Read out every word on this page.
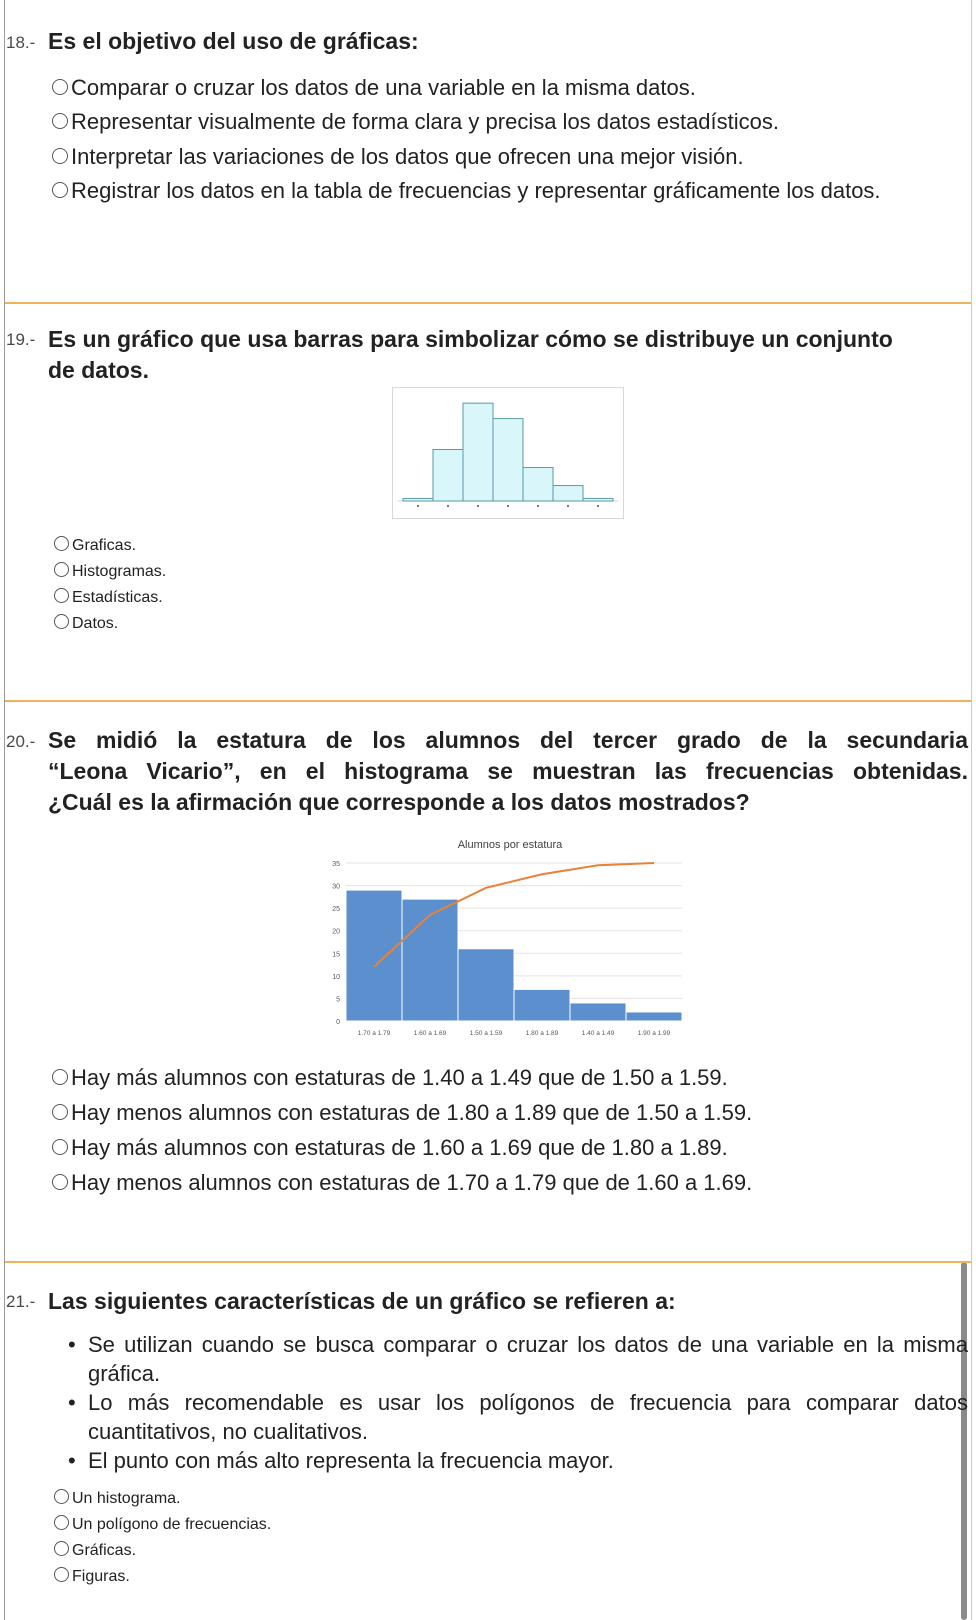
18.- Es el objetivo del uso de gráficas:
Comparar o cruzar los datos de una variable en la misma datos.
Representar visualmente de forma clara y precisa los datos estadísticos.
Interpretar las variaciones de los datos que ofrecen una mejor visión.
Registrar los datos en la tabla de frecuencias y representar gráficamente los datos.
19.- Es un gráfico que usa barras para simbolizar cómo se distribuye un conjunto de datos.
Graficas.
Histogramas.
Estadísticas.
Datos.
20.- Se midió la estatura de los alumnos del tercer grado de la secundaria
“Leona Vicario”, en el histograma se muestran las frecuencias obtenidas.
¿Cuál es la afirmación que corresponde a los datos mostrados?
Alumnos por estatura
0
5
10
15
20
25
30
35
1.70 a 1.79	1.60 a 1.69	1.50 a 1.59	1.80 a 1.89	1.40 a 1.49	1.90 a 1.99
Hay más alumnos con estaturas de 1.40 a 1.49 que de 1.50 a 1.59.
Hay menos alumnos con estaturas de 1.80 a 1.89 que de 1.50 a 1.59.
Hay más alumnos con estaturas de 1.60 a 1.69 que de 1.80 a 1.89.
Hay menos alumnos con estaturas de 1.70 a 1.79 que de 1.60 a 1.69.
21.- Las siguientes características de un gráfico se refieren a:
• Se utilizan cuando se busca comparar o cruzar los datos de una variable en la misma gráfica.
• Lo más recomendable es usar los polígonos de frecuencia para comparar datos cuantitativos, no cualitativos.
• El punto con más alto representa la frecuencia mayor.
Un histograma.
Un polígono de frecuencias.
Gráficas.
Figuras.
